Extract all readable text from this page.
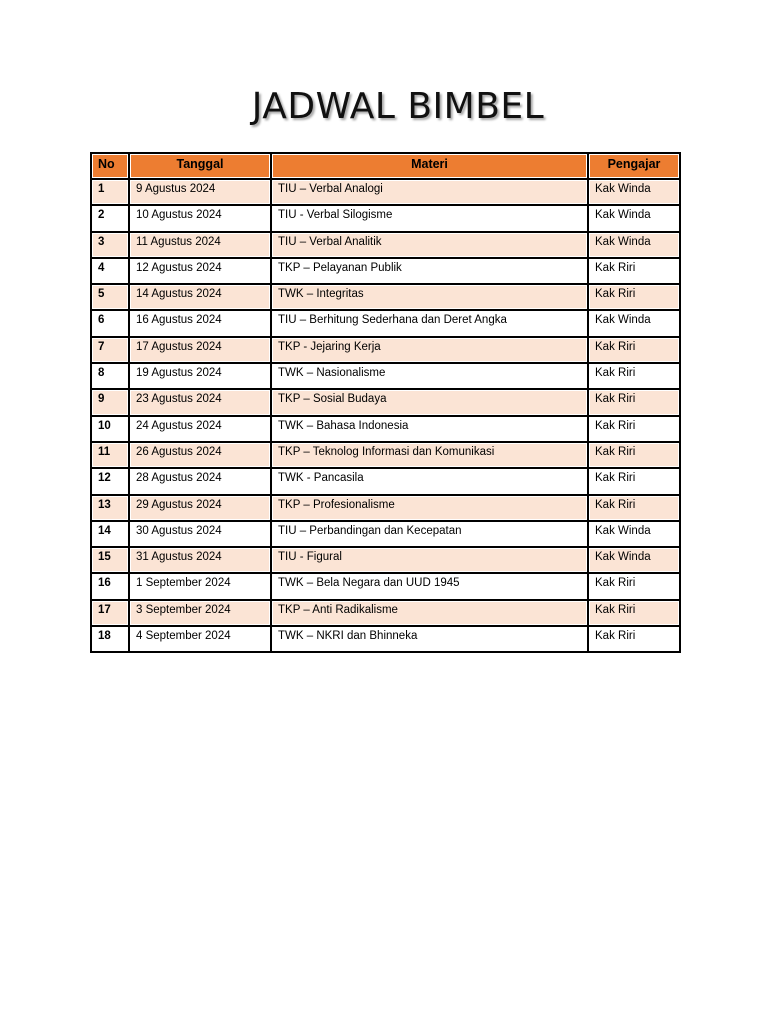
JADWAL BIMBEL
No	Tanggal	Materi	Pengajar
1	9 Agustus 2024	TIU – Verbal Analogi	Kak Winda
2	10 Agustus 2024	TIU - Verbal Silogisme	Kak Winda
3	11 Agustus 2024	TIU – Verbal Analitik	Kak Winda
4	12 Agustus 2024	TKP – Pelayanan Publik	Kak Riri
5	14 Agustus 2024	TWK – Integritas	Kak Riri
6	16 Agustus 2024	TIU – Berhitung Sederhana dan Deret Angka	Kak Winda
7	17 Agustus 2024	TKP - Jejaring Kerja	Kak Riri
8	19 Agustus 2024	TWK – Nasionalisme	Kak Riri
9	23 Agustus 2024	TKP – Sosial Budaya	Kak Riri
10	24 Agustus 2024	TWK – Bahasa Indonesia	Kak Riri
11	26 Agustus 2024	TKP – Teknolog Informasi dan Komunikasi	Kak Riri
12	28 Agustus 2024	TWK - Pancasila	Kak Riri
13	29 Agustus 2024	TKP – Profesionalisme	Kak Riri
14	30 Agustus 2024	TIU – Perbandingan dan Kecepatan	Kak Winda
15	31 Agustus 2024	TIU - Figural	Kak Winda
16	1 September 2024	TWK – Bela Negara dan UUD 1945	Kak Riri
17	3 September 2024	TKP – Anti Radikalisme	Kak Riri
18	4 September 2024	TWK – NKRI dan Bhinneka	Kak Riri
